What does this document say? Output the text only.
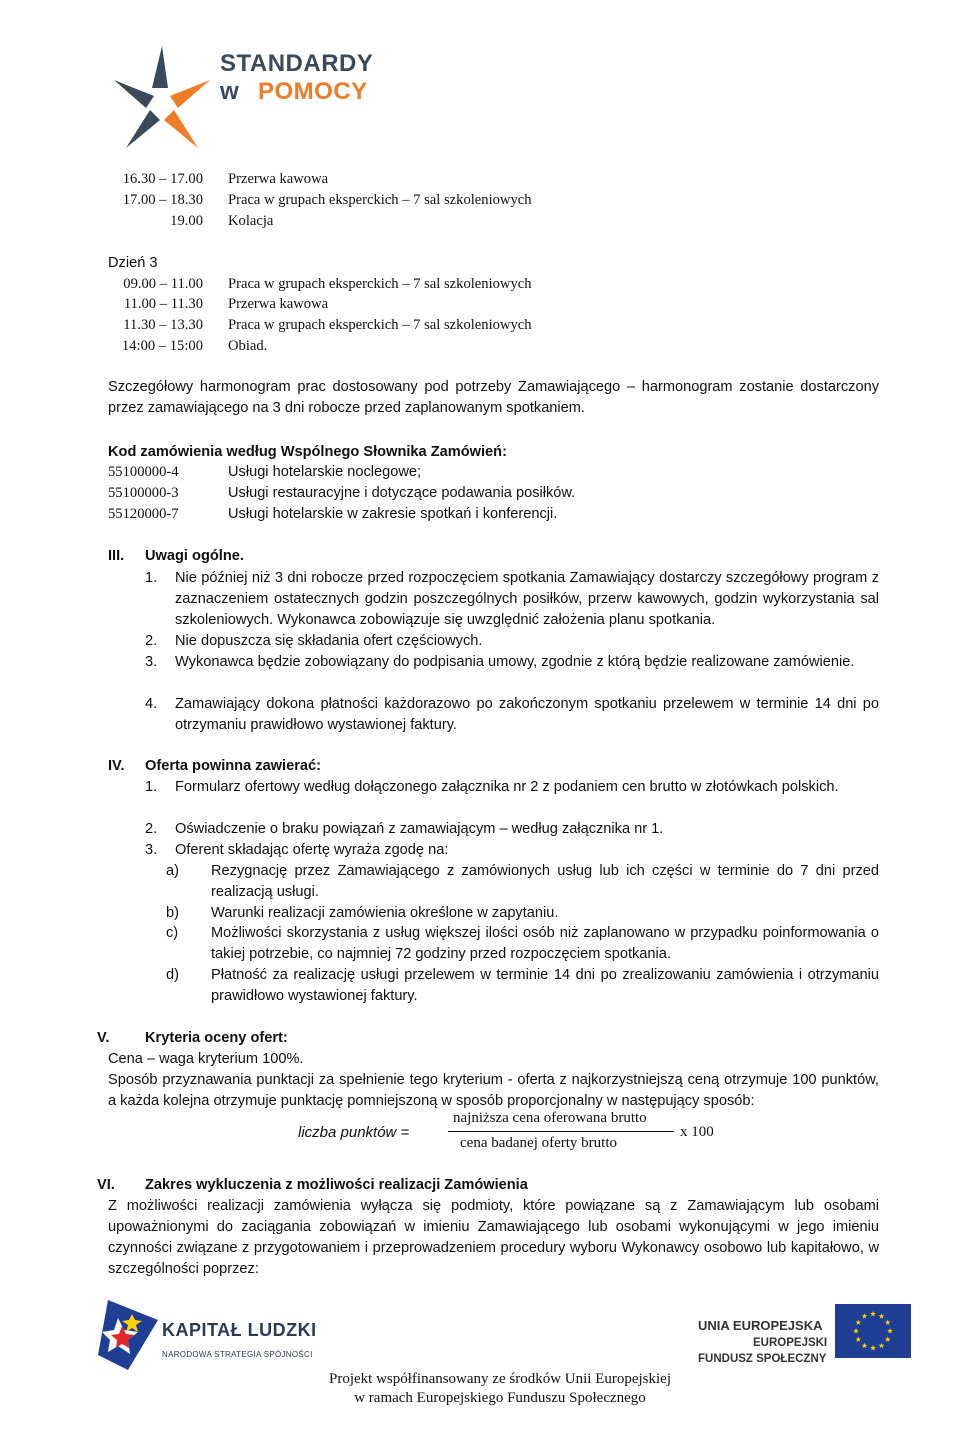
STANDARDY
w POMOCY
16.30 – 17.00 Przerwa kawowa
17.00 – 18.30 Praca w grupach eksperckich – 7 sal szkoleniowych
19.00 Kolacja
Dzień 3
09.00 – 11.00 Praca w grupach eksperckich – 7 sal szkoleniowych
11.00 – 11.30 Przerwa kawowa
11.30 – 13.30 Praca w grupach eksperckich – 7 sal szkoleniowych
14:00 – 15:00 Obiad.
Szczegółowy harmonogram prac dostosowany pod potrzeby Zamawiającego – harmonogram zostanie dostarczony przez zamawiającego na 3 dni robocze przed zaplanowanym spotkaniem.
Kod zamówienia według Wspólnego Słownika Zamówień:
55100000-4	Usługi hotelarskie noclegowe;
55100000-3	Usługi restauracyjne i dotyczące podawania posiłków.
55120000-7	Usługi hotelarskie w zakresie spotkań i konferencji.
III. Uwagi ogólne.
1. Nie później niż 3 dni robocze przed rozpoczęciem spotkania Zamawiający dostarczy szczegółowy program z zaznaczeniem ostatecznych godzin poszczególnych posiłków, przerw kawowych, godzin wykorzystania sal szkoleniowych. Wykonawca zobowiązuje się uwzględnić założenia planu spotkania.
2. Nie dopuszcza się składania ofert częściowych.
3. Wykonawca będzie zobowiązany do podpisania umowy, zgodnie z którą będzie realizowane zamówienie.
4. Zamawiający dokona płatności każdorazowo po zakończonym spotkaniu przelewem w terminie 14 dni po otrzymaniu prawidłowo wystawionej faktury.
IV. Oferta powinna zawierać:
1. Formularz ofertowy według dołączonego załącznika nr 2 z podaniem cen brutto w złotówkach polskich.
2. Oświadczenie o braku powiązań z zamawiającym – według załącznika nr 1.
3. Oferent składając ofertę wyraża zgodę na:
a) Rezygnację przez Zamawiającego z zamówionych usług lub ich części w terminie do 7 dni przed realizacją usługi.
b) Warunki realizacji zamówienia określone w zapytaniu.
c) Możliwości skorzystania z usług większej ilości osób niż zaplanowano w przypadku poinformowania o takiej potrzebie, co najmniej 72 godziny przed rozpoczęciem spotkania.
d) Płatność za realizację usługi przelewem w terminie 14 dni po zrealizowaniu zamówienia i otrzymaniu prawidłowo wystawionej faktury.
V. Kryteria oceny ofert:
Cena – waga kryterium 100%.
Sposób przyznawania punktacji za spełnienie tego kryterium - oferta z najkorzystniejszą ceną otrzymuje 100 punktów, a każda kolejna otrzymuje punktację pomniejszoną w sposób proporcjonalny w następujący sposób:
liczba punktów =
najniższa cena oferowana brutto
cena badanej oferty brutto
x 100
VI. Zakres wykluczenia z możliwości realizacji Zamówienia
Z możliwości realizacji zamówienia wyłącza się podmioty, które powiązane są z Zamawiającym lub osobami upoważnionymi do zaciągania zobowiązań w imieniu Zamawiającego lub osobami wykonującymi w jego imieniu czynności związane z przygotowaniem i przeprowadzeniem procedury wyboru Wykonawcy osobowo lub kapitałowo, w szczególności poprzez:
KAPITAŁ LUDZKI
NARODOWA STRATEGIA SPÓJNOŚCI
UNIA EUROPEJSKA
EUROPEJSKI
FUNDUSZ SPOŁECZNY
Projekt współfinansowany ze środków Unii Europejskiej
w ramach Europejskiego Funduszu Społecznego
